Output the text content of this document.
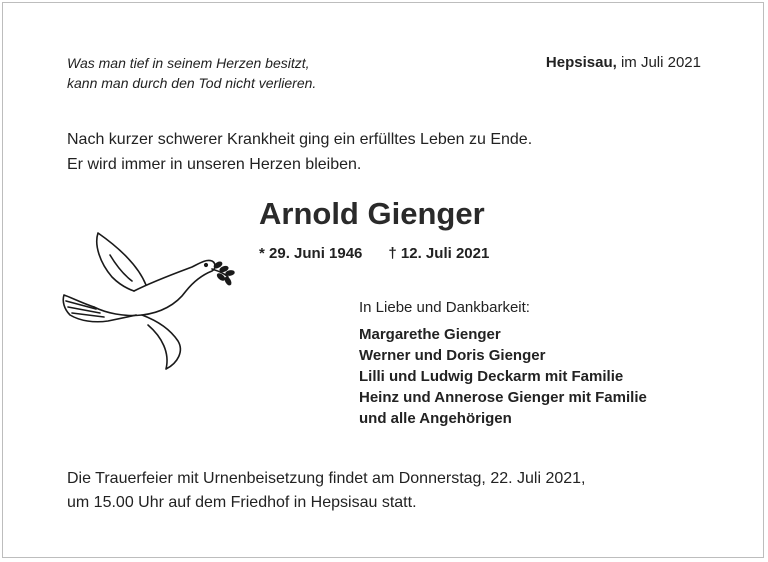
Was man tief in seinem Herzen besitzt,
kann man durch den Tod nicht verlieren.
Hepsisau, im Juli 2021
Nach kurzer schwerer Krankheit ging ein erfülltes Leben zu Ende.
Er wird immer in unseren Herzen bleiben.
Arnold Gienger
* 29. Juni 1946 † 12. Juli 2021
In Liebe und Dankbarkeit:
Margarethe Gienger
Werner und Doris Gienger
Lilli und Ludwig Deckarm mit Familie
Heinz und Annerose Gienger mit Familie
und alle Angehörigen
Die Trauerfeier mit Urnenbeisetzung findet am Donnerstag, 22. Juli 2021,
um 15.00 Uhr auf dem Friedhof in Hepsisau statt.
